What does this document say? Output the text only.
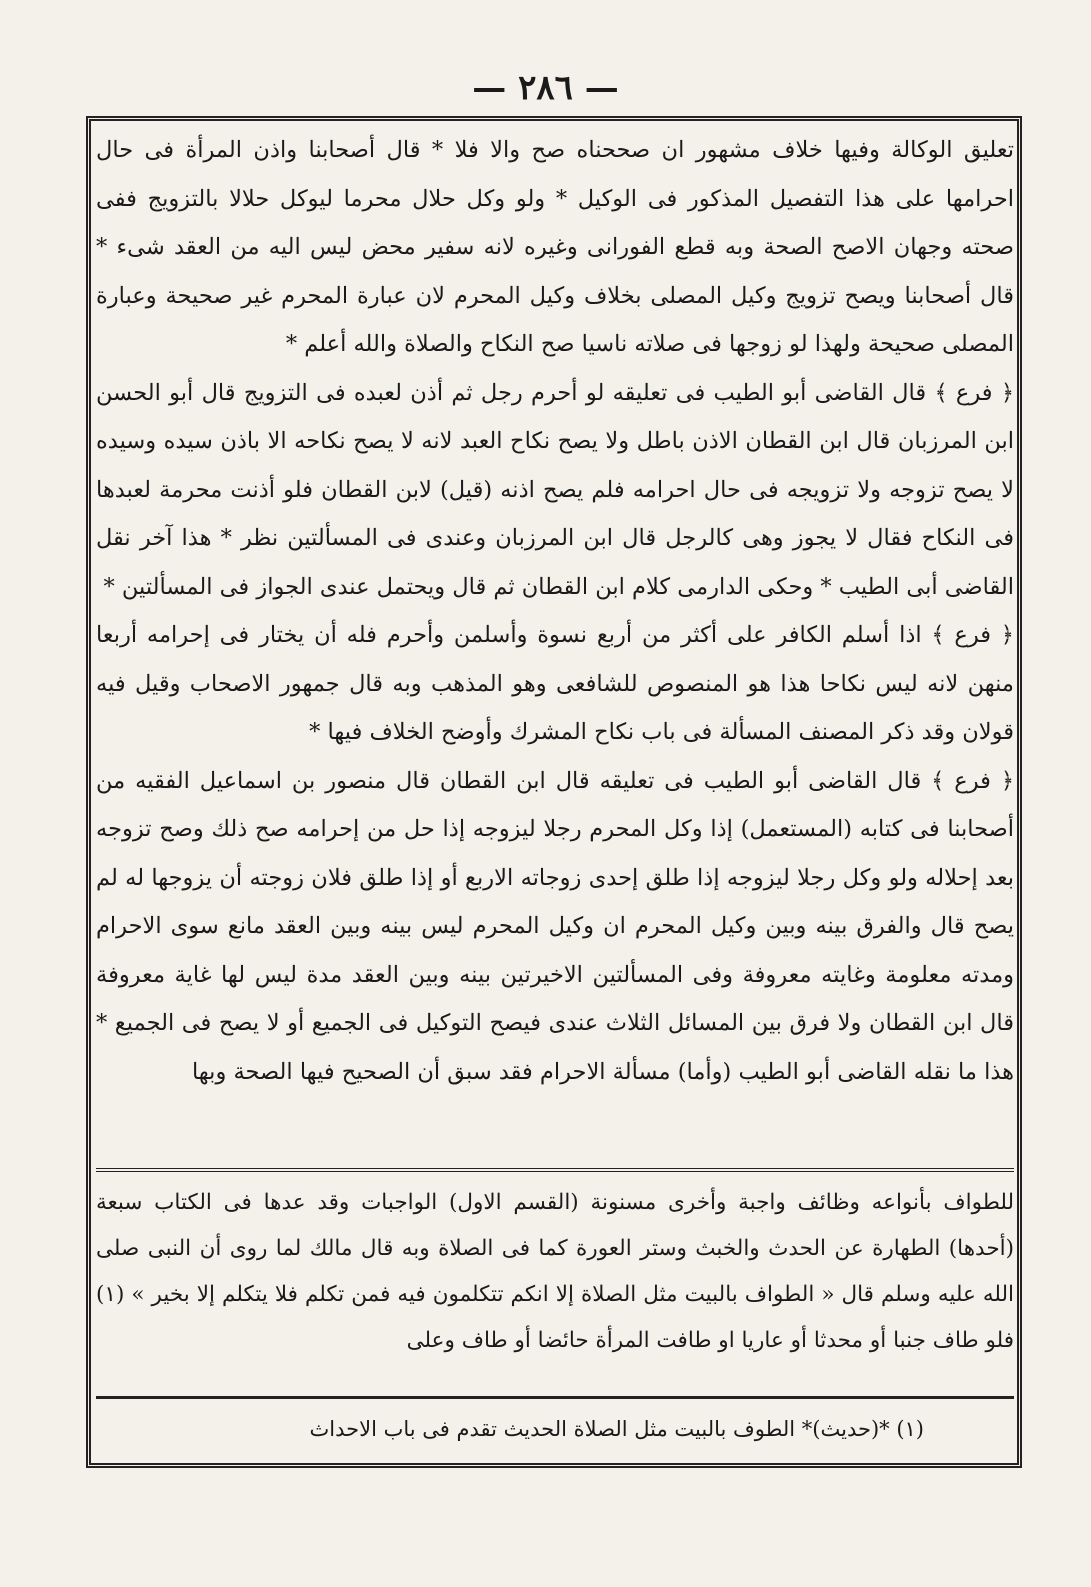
— ٢٨٦ —

تعليق الوكالة وفيها خلاف مشهور ان صححناه صح والا فلا * قال أصحابنا واذن المرأة فى حال احرامها على هذا التفصيل المذكور فى الوكيل * ولو وكل حلال محرما ليوكل حلالا بالتزويج ففى صحته وجهان الاصح الصحة وبه قطع الفورانى وغيره لانه سفير محض ليس اليه من العقد شىء * قال أصحابنا ويصح تزويج وكيل المصلى بخلاف وكيل المحرم لان عبارة المحرم غير صحيحة وعبارة المصلى صحيحة ولهذا لو زوجها فى صلاته ناسيا صح النكاح والصلاة والله أعلم *

﴿ فرع ﴾ قال القاضى أبو الطيب فى تعليقه لو أحرم رجل ثم أذن لعبده فى التزويج قال أبو الحسن ابن المرزبان قال ابن القطان الاذن باطل ولا يصح نكاح العبد لانه لا يصح نكاحه الا باذن سيده وسيده لا يصح تزوجه ولا تزويجه فى حال احرامه فلم يصح اذنه (قيل) لابن القطان فلو أذنت محرمة لعبدها فى النكاح فقال لا يجوز وهى كالرجل قال ابن المرزبان وعندى فى المسألتين نظر * هذا آخر نقل القاضى أبى الطيب * وحكى الدارمى كلام ابن القطان ثم قال ويحتمل عندى الجواز فى المسألتين *

﴿ فرع ﴾ اذا أسلم الكافر على أكثر من أربع نسوة وأسلمن وأحرم فله أن يختار فى إحرامه أربعا منهن لانه ليس نكاحا هذا هو المنصوص للشافعى وهو المذهب وبه قال جمهور الاصحاب وقيل فيه قولان وقد ذكر المصنف المسألة فى باب نكاح المشرك وأوضح الخلاف فيها *

﴿ فرع ﴾ قال القاضى أبو الطيب فى تعليقه قال ابن القطان قال منصور بن اسماعيل الفقيه من أصحابنا فى كتابه (المستعمل) إذا وكل المحرم رجلا ليزوجه إذا حل من إحرامه صح ذلك وصح تزوجه بعد إحلاله ولو وكل رجلا ليزوجه إذا طلق إحدى زوجاته الاربع أو إذا طلق فلان زوجته أن يزوجها له لم يصح قال والفرق بينه وبين وكيل المحرم ان وكيل المحرم ليس بينه وبين العقد مانع سوى الاحرام ومدته معلومة وغايته معروفة وفى المسألتين الاخيرتين بينه وبين العقد مدة ليس لها غاية معروفة قال ابن القطان ولا فرق بين المسائل الثلاث عندى فيصح التوكيل فى الجميع أو لا يصح فى الجميع * هذا ما نقله القاضى أبو الطيب (وأما) مسألة الاحرام فقد سبق أن الصحيح فيها الصحة وبها

للطواف بأنواعه وظائف واجبة وأخرى مسنونة (القسم الاول) الواجبات وقد عدها فى الكتاب سبعة (أحدها) الطهارة عن الحدث والخبث وستر العورة كما فى الصلاة وبه قال مالك لما روى أن النبى صلى الله عليه وسلم قال « الطواف بالبيت مثل الصلاة إلا انكم تتكلمون فيه فمن تكلم فلا يتكلم إلا بخير » (١) فلو طاف جنبا أو محدثا أو عاريا او طافت المرأة حائضا أو طاف وعلى
(١) *(حديث)* الطوف بالبيت مثل الصلاة الحديث تقدم فى باب الاحداث
